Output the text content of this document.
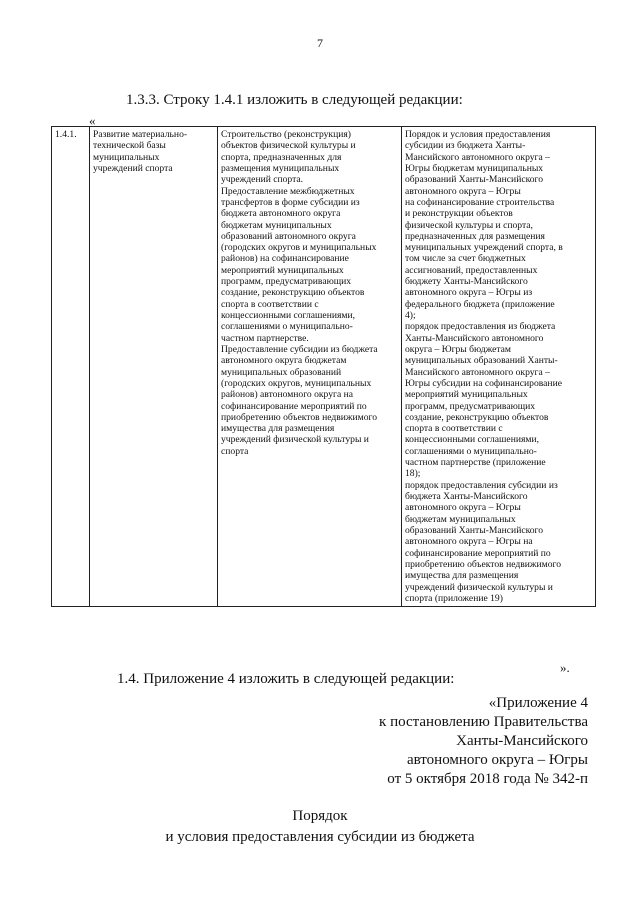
7
1.3.3. Строку 1.4.1 изложить в следующей редакции:
«
1.4.1.	Развитие материально-
технической базы
муниципальных
учреждений спорта	Строительство (реконструкция)
объектов физической культуры и
спорта, предназначенных для
размещения муниципальных
учреждений спорта.
Предоставление межбюджетных
трансфертов в форме субсидии из
бюджета автономного округа
бюджетам муниципальных
образований автономного округа
(городских округов и муниципальных
районов) на софинансирование
мероприятий муниципальных
программ, предусматривающих
создание, реконструкцию объектов
спорта в соответствии с
концессионными соглашениями,
соглашениями о муниципально-
частном партнерстве.
Предоставление субсидии из бюджета
автономного округа бюджетам
муниципальных образований
(городских округов, муниципальных
районов) автономного округа на
софинансирование мероприятий по
приобретению объектов недвижимого
имущества для размещения
учреждений физической культуры и
спорта	Порядок и условия предоставления
субсидии из бюджета Ханты-
Мансийского автономного округа –
Югры бюджетам муниципальных
образований Ханты-Мансийского
автономного округа – Югры
на софинансирование строительства
и реконструкции объектов
физической культуры и спорта,
предназначенных для размещения
муниципальных учреждений спорта, в
том числе за счет бюджетных
ассигнований, предоставленных
бюджету Ханты-Мансийского
автономного округа – Югры из
федерального бюджета (приложение
4);
порядок предоставления из бюджета
Ханты-Мансийского автономного
округа – Югры бюджетам
муниципальных образований Ханты-
Мансийского автономного округа –
Югры субсидии на софинансирование
мероприятий муниципальных
программ, предусматривающих
создание, реконструкцию объектов
спорта в соответствии с
концессионными соглашениями,
соглашениями о муниципально-
частном партнерстве (приложение
18);
порядок предоставления субсидии из
бюджета Ханты-Мансийского
автономного округа – Югры
бюджетам муниципальных
образований Ханты-Мансийского
автономного округа – Югры на
софинансирование мероприятий по
приобретению объектов недвижимого
имущества для размещения
учреждений физической культуры и
спорта (приложение 19)
».
1.4. Приложение 4 изложить в следующей редакции:
«Приложение 4
к постановлению Правительства
Ханты-Мансийского
автономного округа – Югры
от 5 октября 2018 года № 342-п
Порядок
и условия предоставления субсидии из бюджета
